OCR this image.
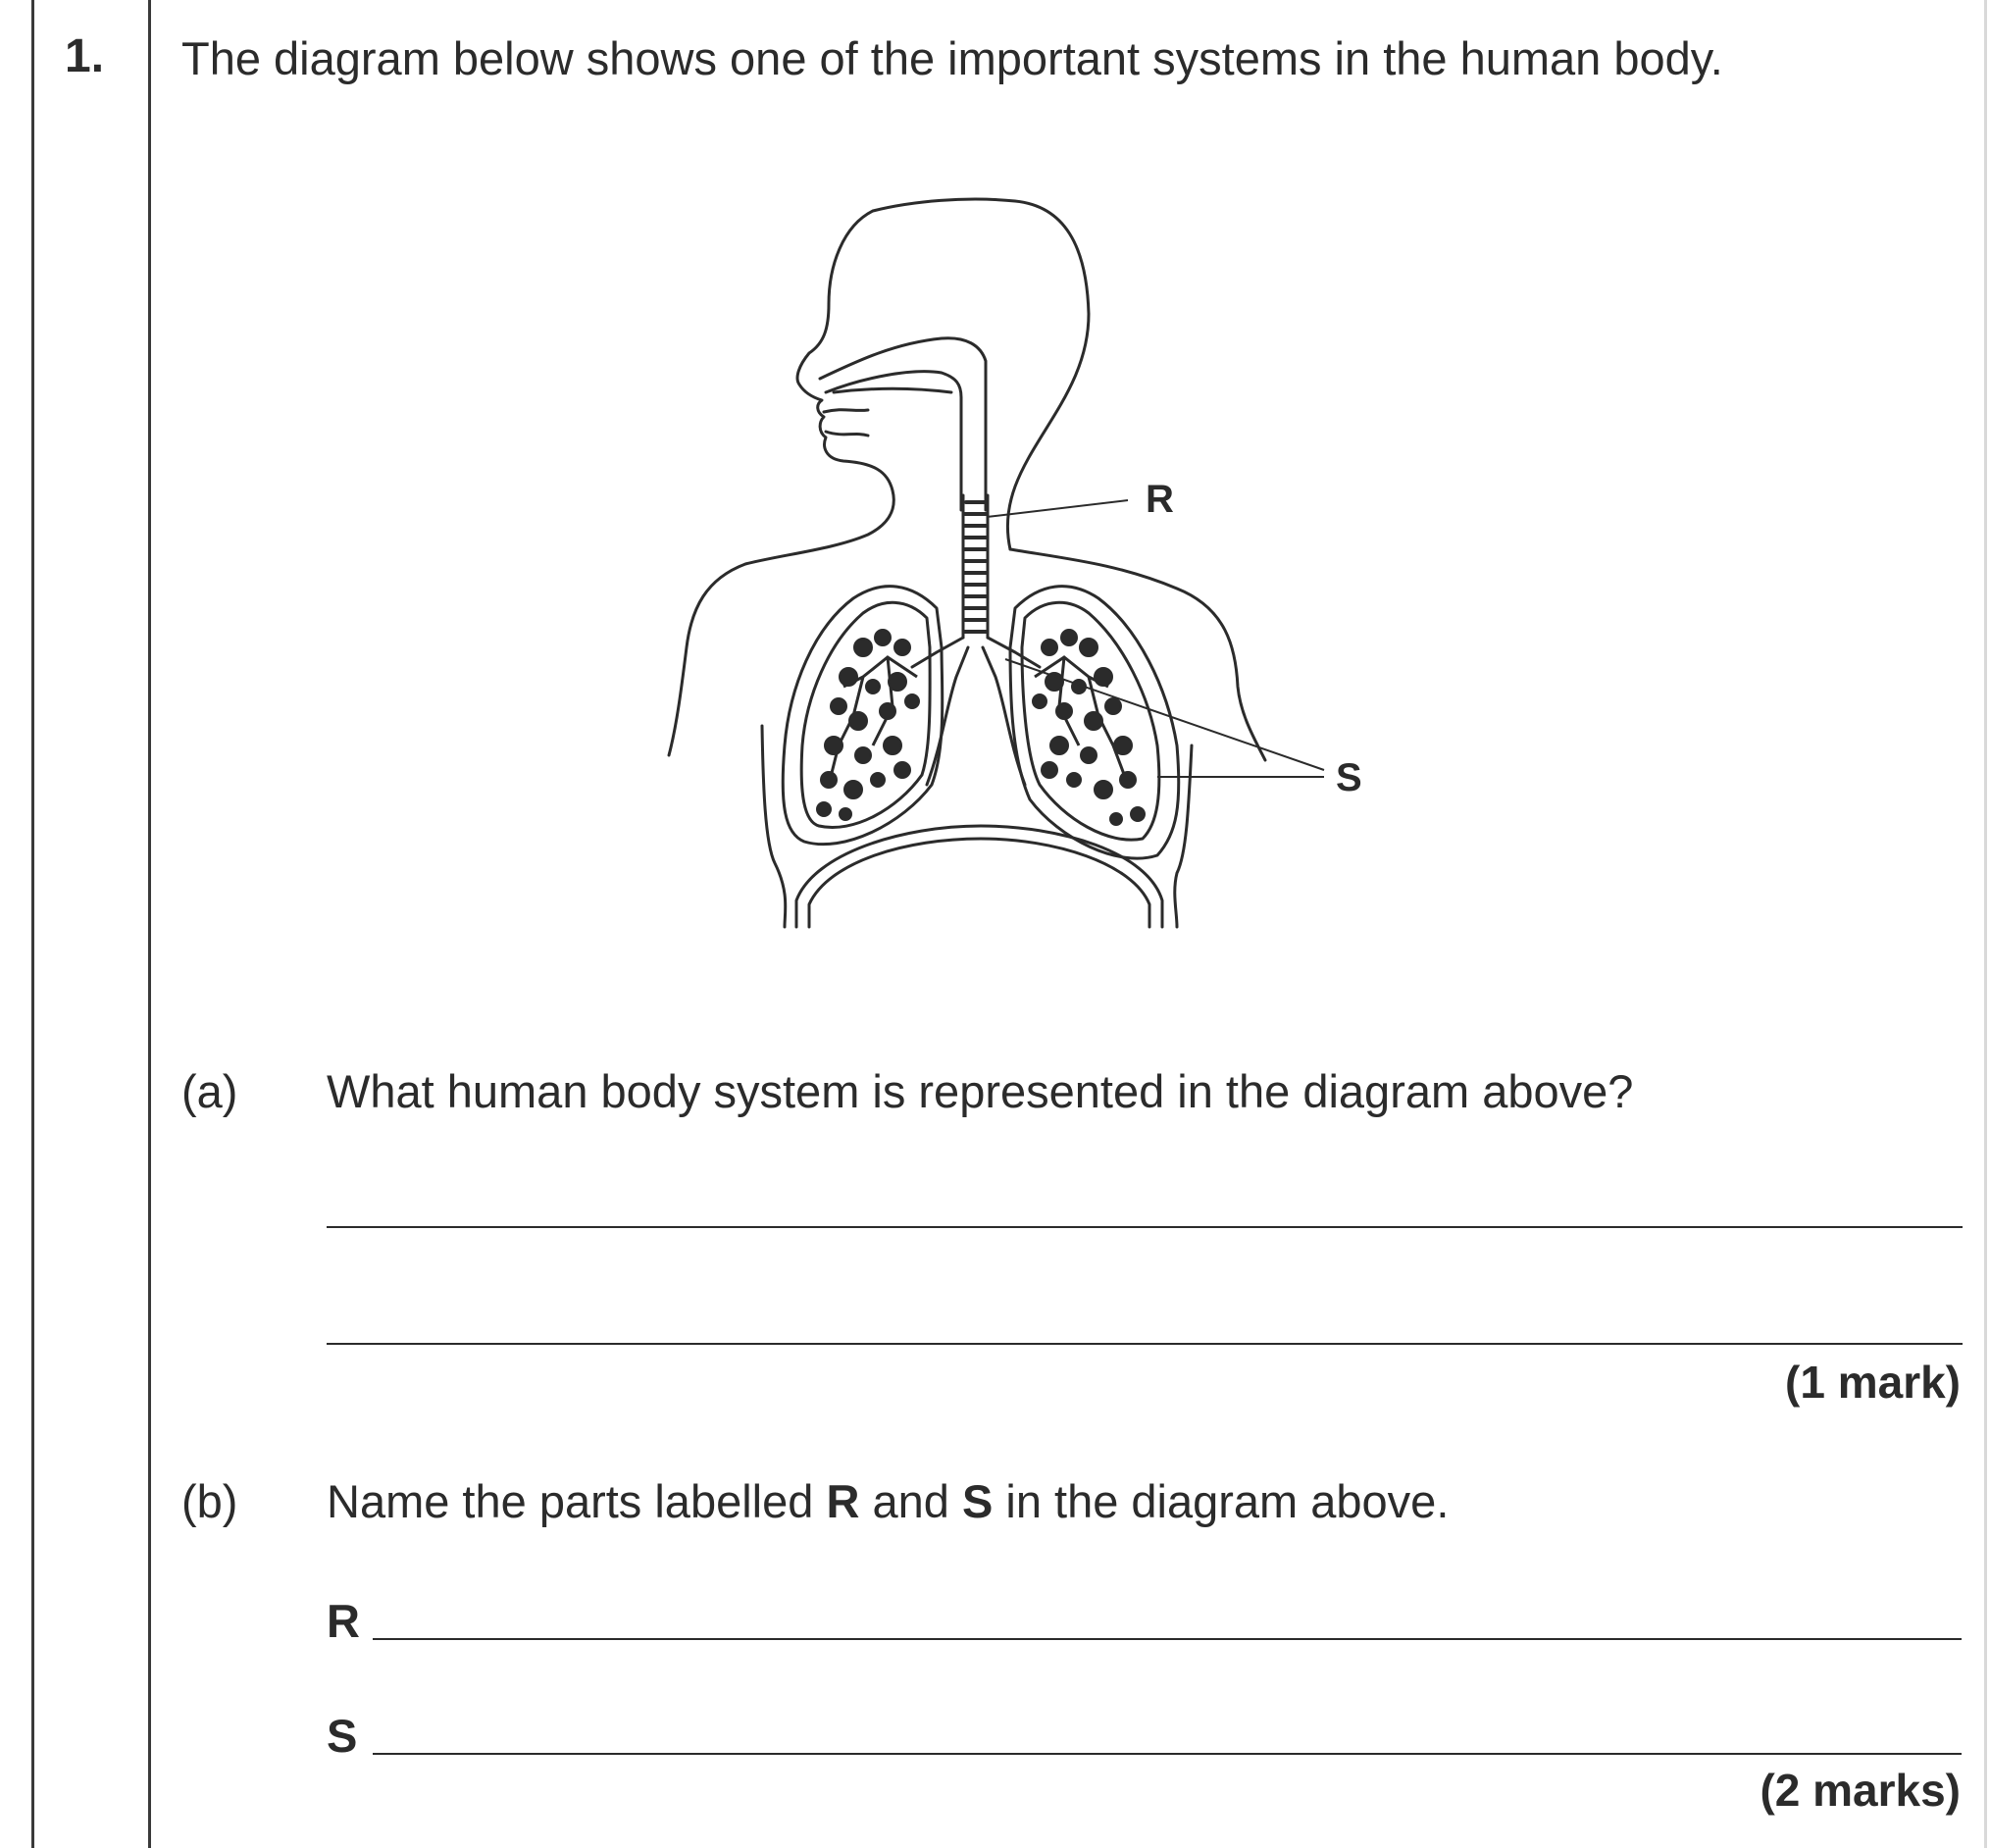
1. The diagram below shows one of the important systems in the human body.
R
S
(a) What human body system is represented in the diagram above?
(1 mark)
(b) Name the parts labelled R and S in the diagram above.
R
S
(2 marks)
